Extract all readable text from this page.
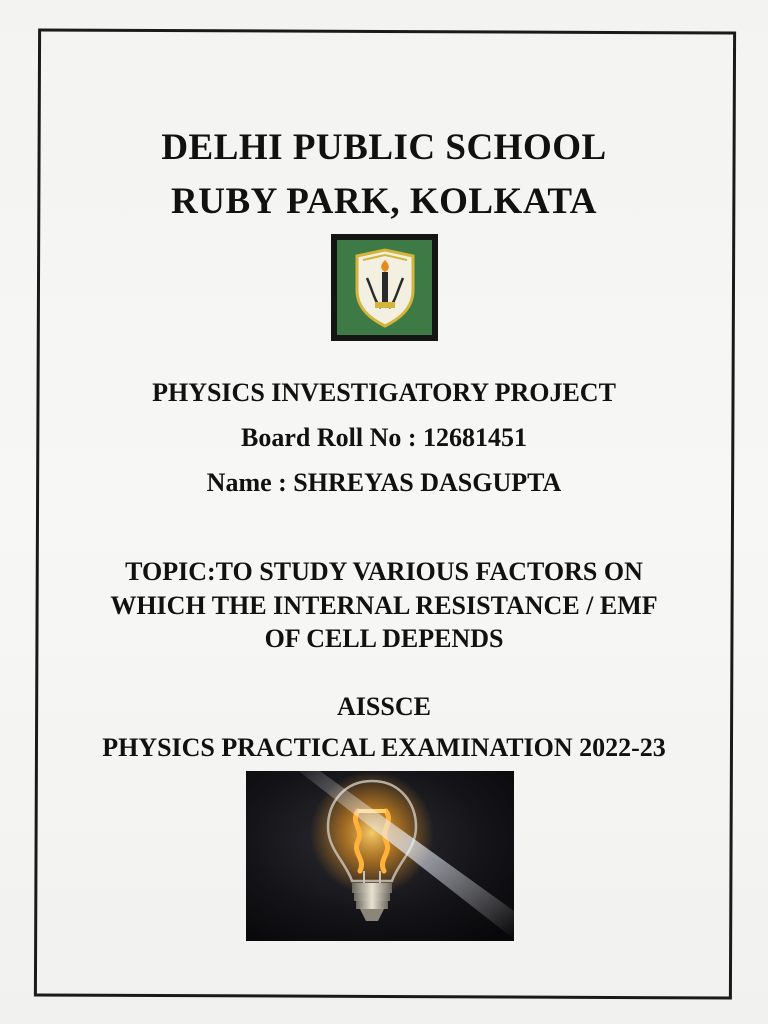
DELHI PUBLIC SCHOOL
RUBY PARK, KOLKATA
PHYSICS INVESTIGATORY PROJECT
Board Roll No : 12681451
Name : SHREYAS DASGUPTA
TOPIC:TO STUDY VARIOUS FACTORS ON
WHICH THE INTERNAL RESISTANCE / EMF
OF CELL DEPENDS
AISSCE
PHYSICS PRACTICAL EXAMINATION 2022-23
